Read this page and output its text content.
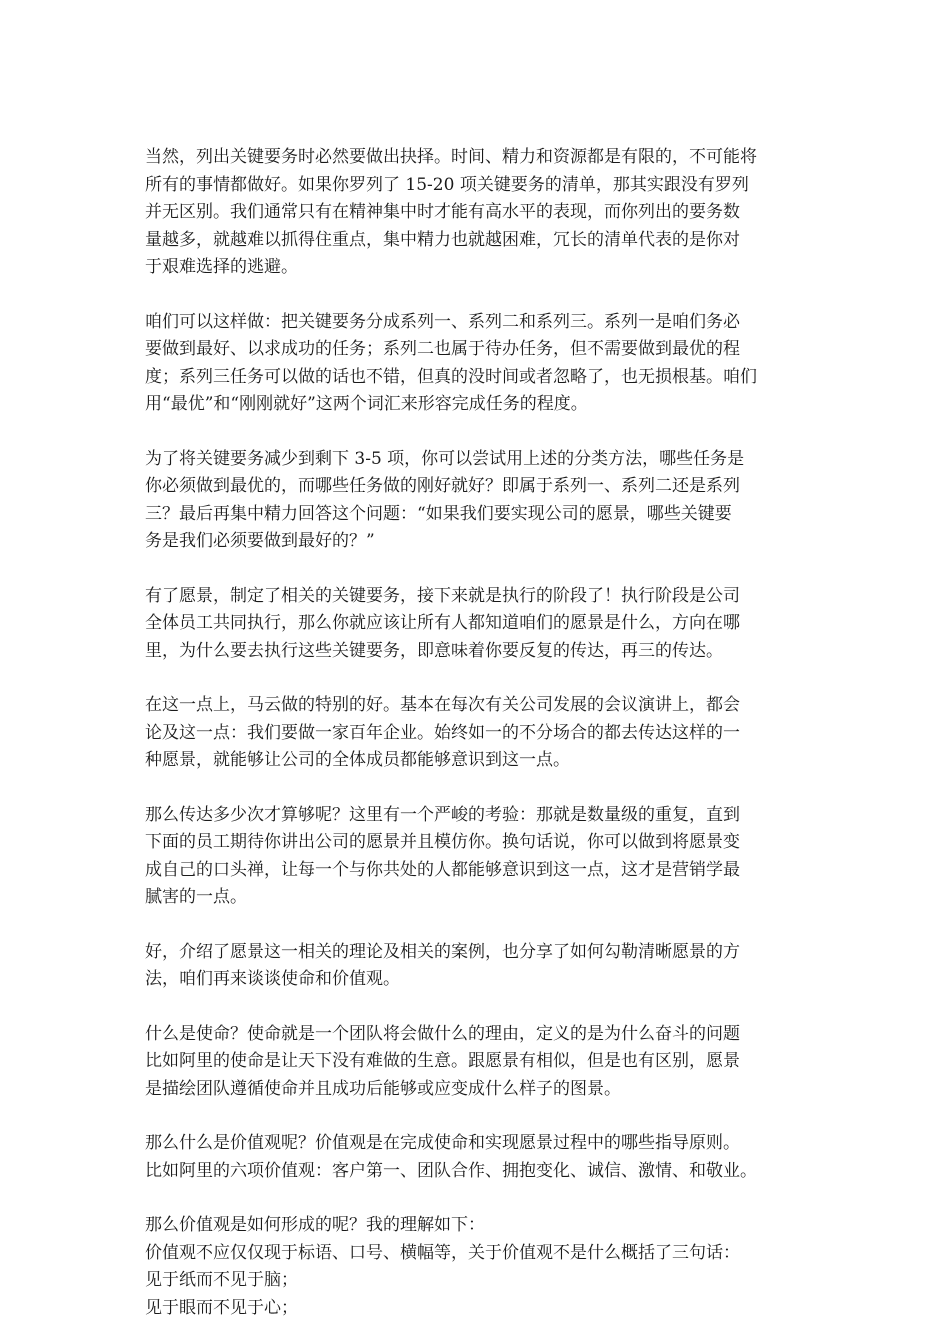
当然，列出关键要务时必然要做出抉择。时间、精力和资源都是有限的，不可能将
所有的事情都做好。如果你罗列了 15-20 项关键要务的清单，那其实跟没有罗列
并无区别。我们通常只有在精神集中时才能有高水平的表现，而你列出的要务数
量越多，就越难以抓得住重点，集中精力也就越困难，冗长的清单代表的是你对
于艰难选择的逃避。
咱们可以这样做：把关键要务分成系列一、系列二和系列三。系列一是咱们务必
要做到最好、以求成功的任务；系列二也属于待办任务，但不需要做到最优的程
度；系列三任务可以做的话也不错，但真的没时间或者忽略了，也无损根基。咱们
用“最优”和“刚刚就好”这两个词汇来形容完成任务的程度。
为了将关键要务减少到剩下 3-5 项，你可以尝试用上述的分类方法，哪些任务是
你必须做到最优的，而哪些任务做的刚好就好？即属于系列一、系列二还是系列
三？最后再集中精力回答这个问题：“如果我们要实现公司的愿景，哪些关键要
务是我们必须要做到最好的？”
有了愿景，制定了相关的关键要务，接下来就是执行的阶段了！执行阶段是公司
全体员工共同执行，那么你就应该让所有人都知道咱们的愿景是什么，方向在哪
里，为什么要去执行这些关键要务，即意味着你要反复的传达，再三的传达。
在这一点上，马云做的特别的好。基本在每次有关公司发展的会议演讲上，都会
论及这一点：我们要做一家百年企业。始终如一的不分场合的都去传达这样的一
种愿景，就能够让公司的全体成员都能够意识到这一点。
那么传达多少次才算够呢？这里有一个严峻的考验：那就是数量级的重复，直到
下面的员工期待你讲出公司的愿景并且模仿你。换句话说，你可以做到将愿景变
成自己的口头禅，让每一个与你共处的人都能够意识到这一点，这才是营销学最
腻害的一点。
好，介绍了愿景这一相关的理论及相关的案例，也分享了如何勾勒清晰愿景的方
法，咱们再来谈谈使命和价值观。
什么是使命？使命就是一个团队将会做什么的理由，定义的是为什么奋斗的问题
比如阿里的使命是让天下没有难做的生意。跟愿景有相似，但是也有区别，愿景
是描绘团队遵循使命并且成功后能够或应变成什么样子的图景。
那么什么是价值观呢？价值观是在完成使命和实现愿景过程中的哪些指导原则。
比如阿里的六项价值观：客户第一、团队合作、拥抱变化、诚信、激情、和敬业。
那么价值观是如何形成的呢？我的理解如下：
价值观不应仅仅现于标语、口号、横幅等，关于价值观不是什么概括了三句话：
见于纸而不见于脑；
见于眼而不见于心；
